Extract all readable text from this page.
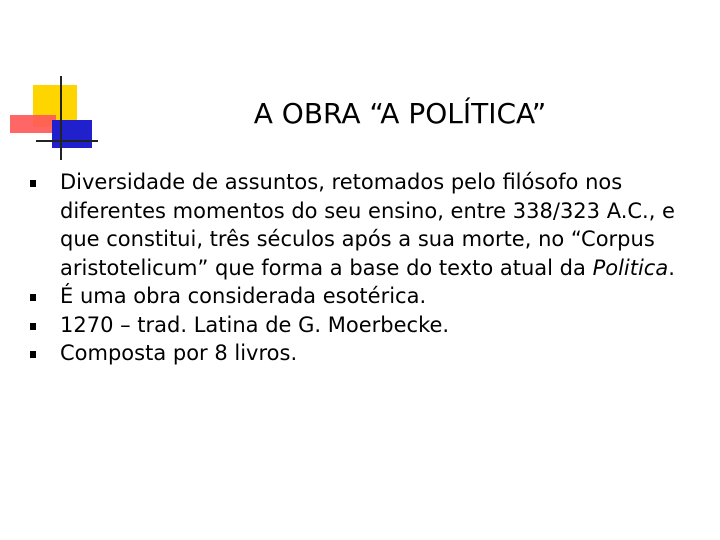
A OBRA “A POLÍTICA”
Diversidade de assuntos, retomados pelo filósofo nos diferentes momentos do seu ensino, entre 338/323 A.C., e que constitui, três séculos após a sua morte, no “Corpus aristotelicum” que forma a base do texto atual da Politica.
É uma obra considerada esotérica.
1270 – trad. Latina de G. Moerbecke.
Composta por 8 livros.
